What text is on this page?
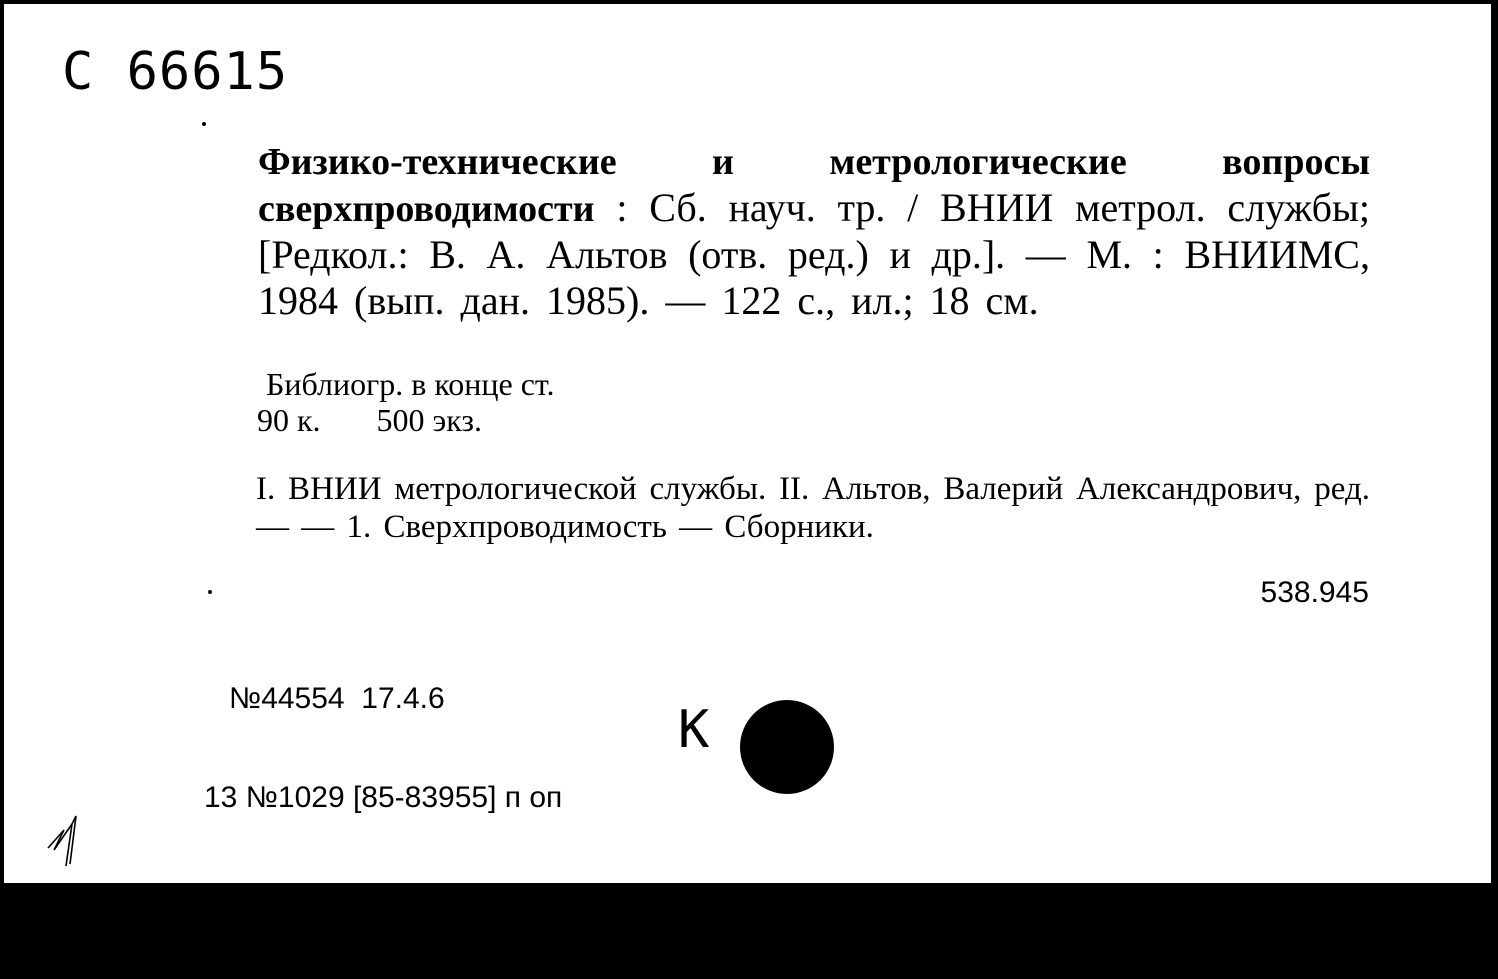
С 66615
Физико-технические и метрологические вопросы сверхпроводимости : Сб. науч. тр. / ВНИИ метрол. службы; [Редкол.: В. А. Альтов (отв. ред.) и др.]. — М. : ВНИИМС, 1984 (вып. дан. 1985). — 122 с., ил.; 18 см.
Библиогр. в конце ст.
90 к. 500 экз.
I. ВНИИ метрологической службы. II. Альтов, Валерий Александрович, ред. — — 1. Сверхпроводимость — Сборники.
538.945

№44554  17.4.6

13 №1029 [85-83955] п оп

ВКП 11.12.85 Ф503

К
